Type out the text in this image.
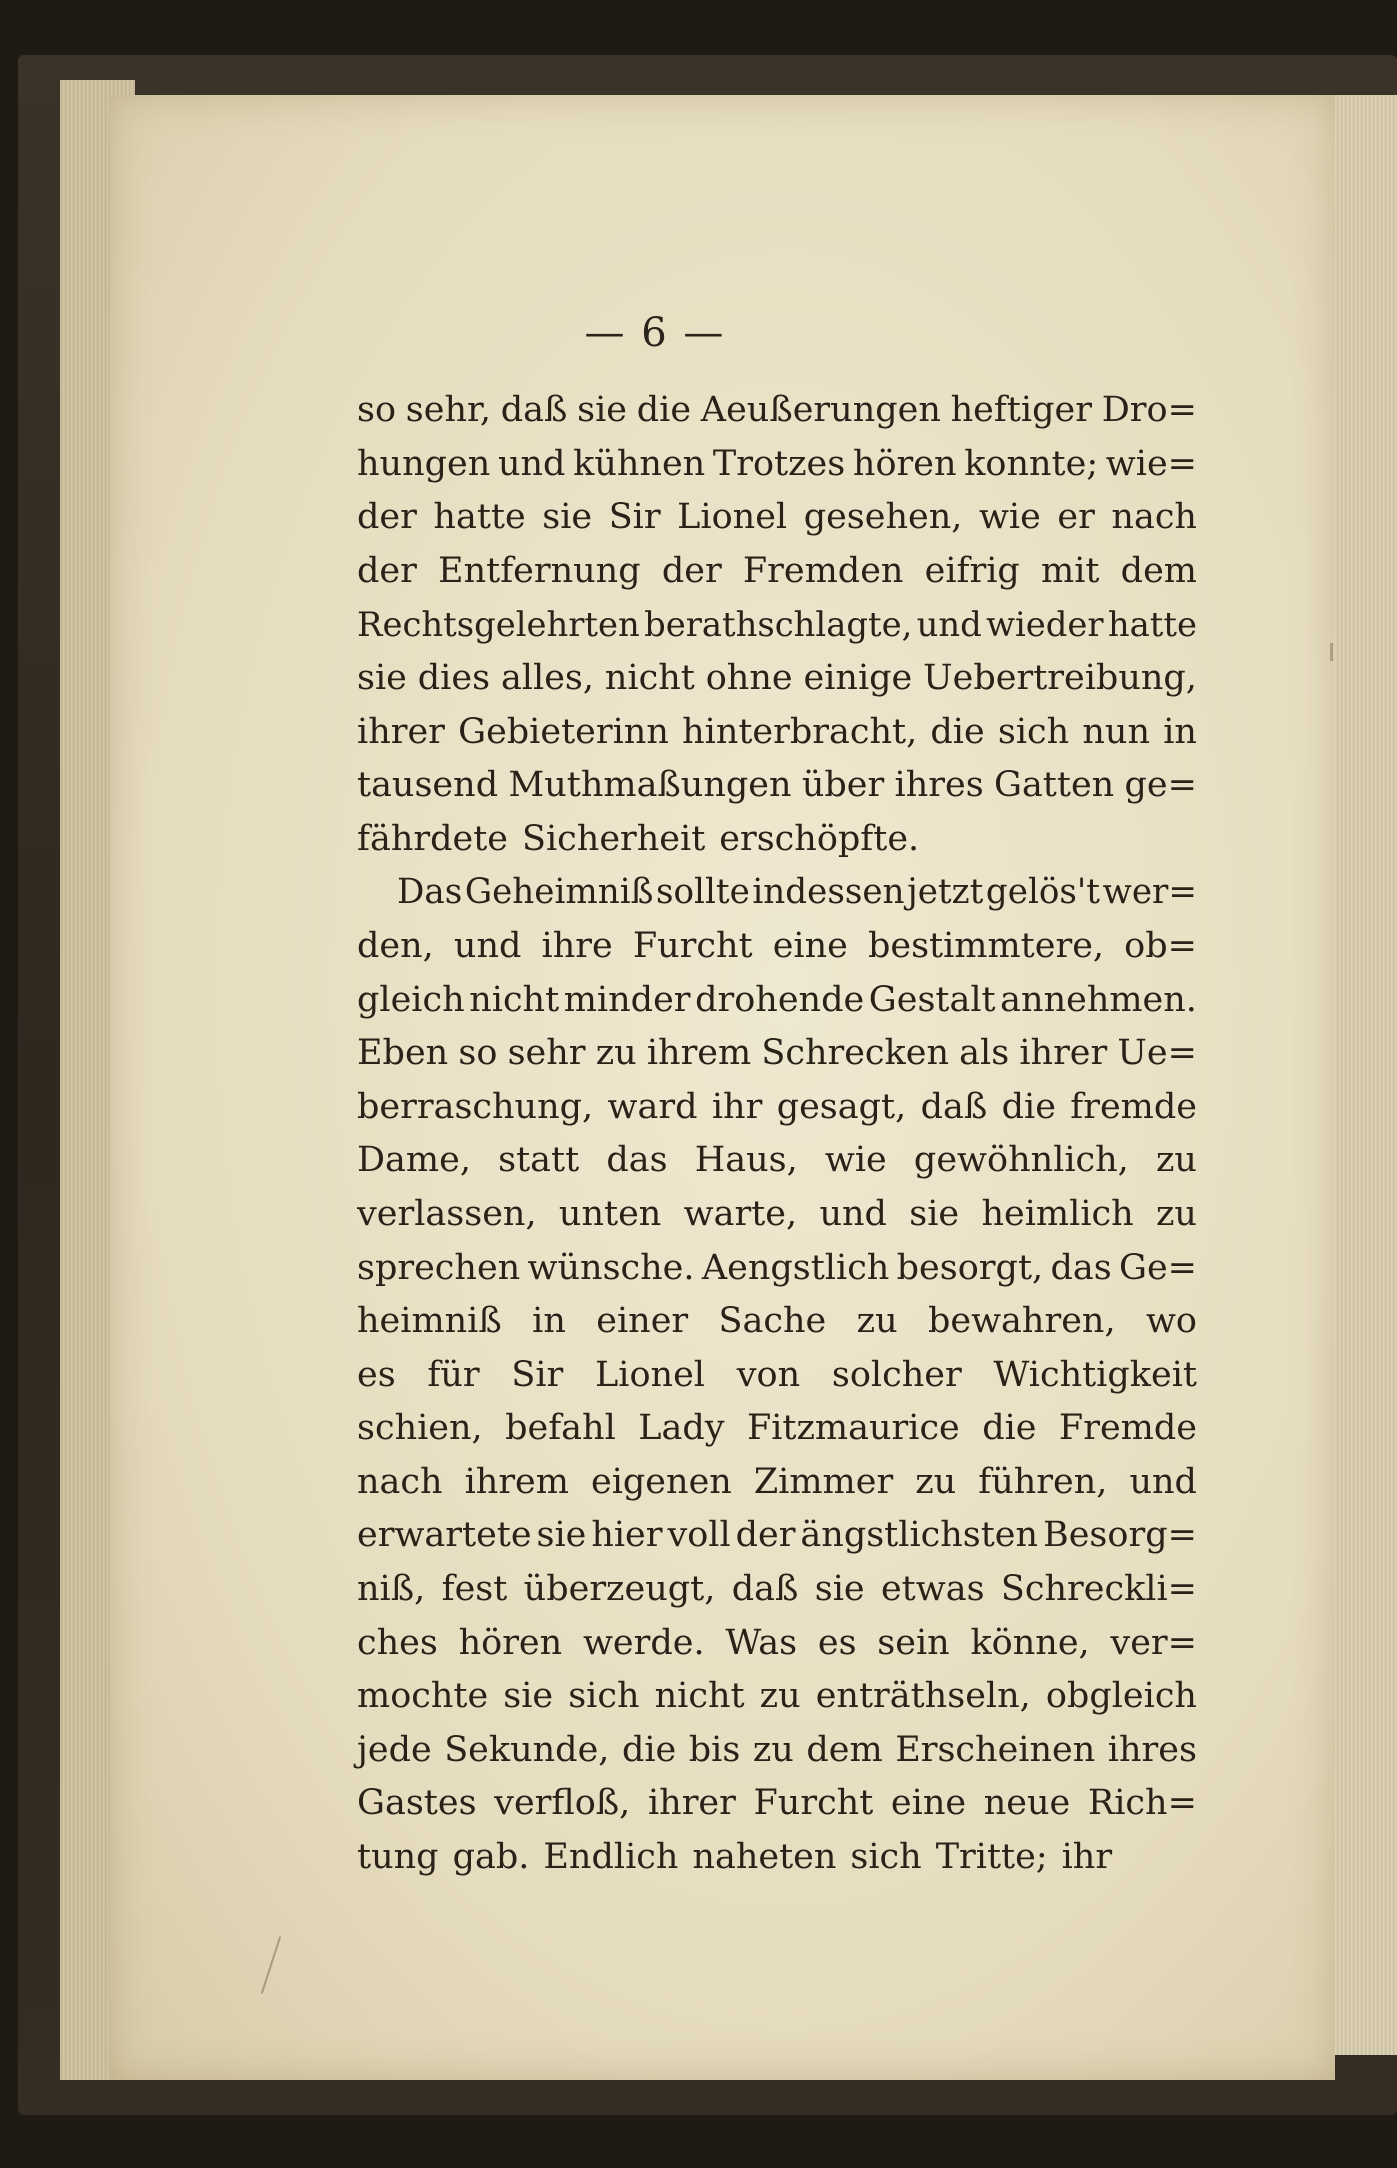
— 6 —
so sehr, daß sie die Aeußerungen heftiger Dro=
hungen und kühnen Trotzes hören konnte; wie=
der hatte sie Sir Lionel gesehen, wie er nach
der Entfernung der Fremden eifrig mit dem
Rechtsgelehrten berathschlagte, und wieder hatte
sie dies alles, nicht ohne einige Uebertreibung,
ihrer Gebieterinn hinterbracht, die sich nun in
tausend Muthmaßungen über ihres Gatten ge=
fährdete Sicherheit erschöpfte.
Das Geheimniß sollte indessen jetzt gelös't wer=
den, und ihre Furcht eine bestimmtere, ob=
gleich nicht minder drohende Gestalt annehmen.
Eben so sehr zu ihrem Schrecken als ihrer Ue=
berraschung, ward ihr gesagt, daß die fremde
Dame, statt das Haus, wie gewöhnlich, zu
verlassen, unten warte, und sie heimlich zu
sprechen wünsche. Aengstlich besorgt, das Ge=
heimniß in einer Sache zu bewahren, wo
es für Sir Lionel von solcher Wichtigkeit
schien, befahl Lady Fitzmaurice die Fremde
nach ihrem eigenen Zimmer zu führen, und
erwartete sie hier voll der ängstlichsten Besorg=
niß, fest überzeugt, daß sie etwas Schreckli=
ches hören werde. Was es sein könne, ver=
mochte sie sich nicht zu enträthseln, obgleich
jede Sekunde, die bis zu dem Erscheinen ihres
Gastes verfloß, ihrer Furcht eine neue Rich=
tung gab. Endlich naheten sich Tritte; ihr
